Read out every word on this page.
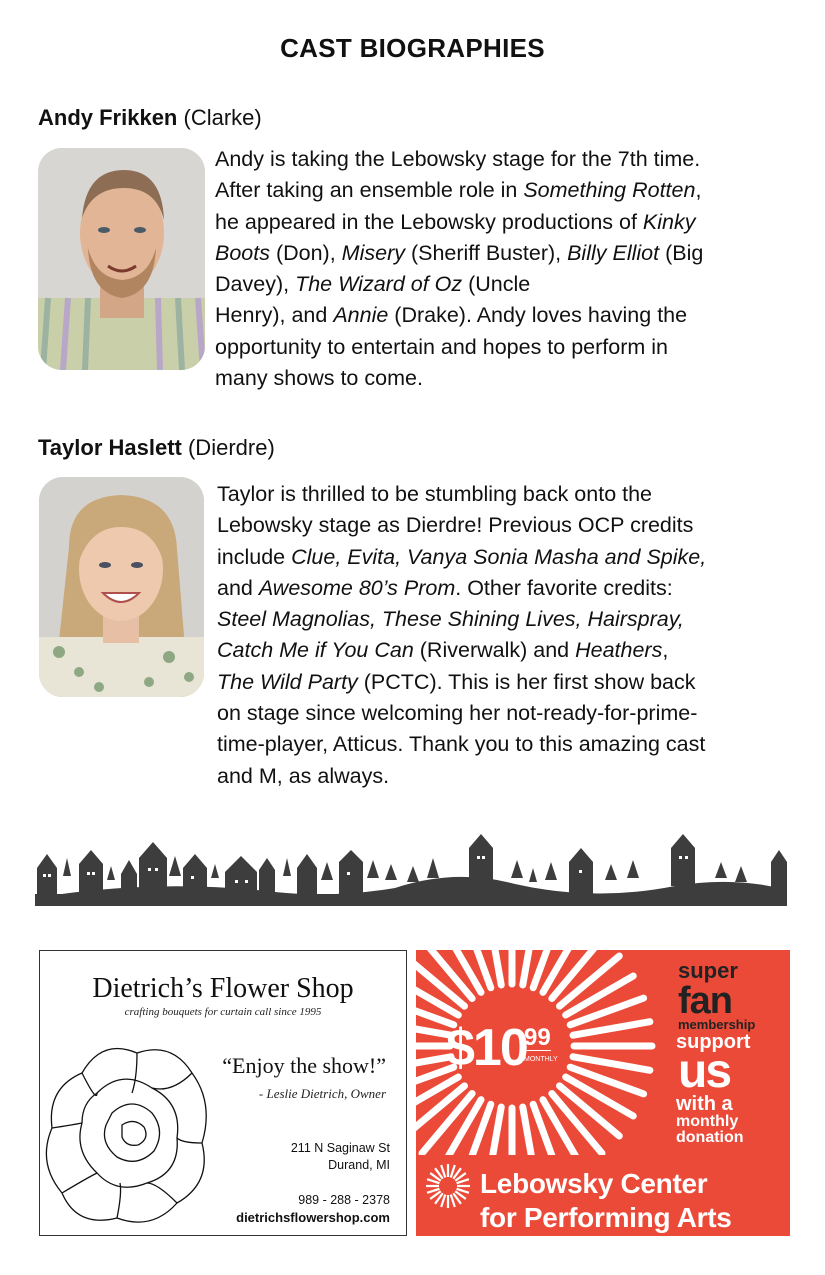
CAST BIOGRAPHIES
Andy Frikken (Clarke)
Andy is taking the Lebowsky stage for the 7th time.
After taking an ensemble role in Something Rotten,
he appeared in the Lebowsky productions of Kinky
Boots (Don), Misery (Sheriff Buster), Billy Elliot (Big
Davey), The Wizard of Oz (Uncle
Henry), and Annie (Drake). Andy loves having the
opportunity to entertain and hopes to perform in
many shows to come.
Taylor Haslett (Dierdre)
Taylor is thrilled to be stumbling back onto the
Lebowsky stage as Dierdre! Previous OCP credits
include Clue, Evita, Vanya Sonia Masha and Spike,
and Awesome 80’s Prom. Other favorite credits:
Steel Magnolias, These Shining Lives, Hairspray,
Catch Me if You Can (Riverwalk) and Heathers,
The Wild Party (PCTC). This is her first show back
on stage since welcoming her not-ready-for-prime-
time-player, Atticus. Thank you to this amazing cast
and M, as always.
Dietrich’s Flower Shop
crafting bouquets for curtain call since 1995
“Enjoy the show!”
- Leslie Dietrich, Owner
211 N Saginaw St
Durand, MI
989 - 288 - 2378
dietrichsflowershop.com
$10
99
MONTHLY
super
fan
membership
support
us
with a
monthly
donation
Lebowsky Center
for Performing Arts
